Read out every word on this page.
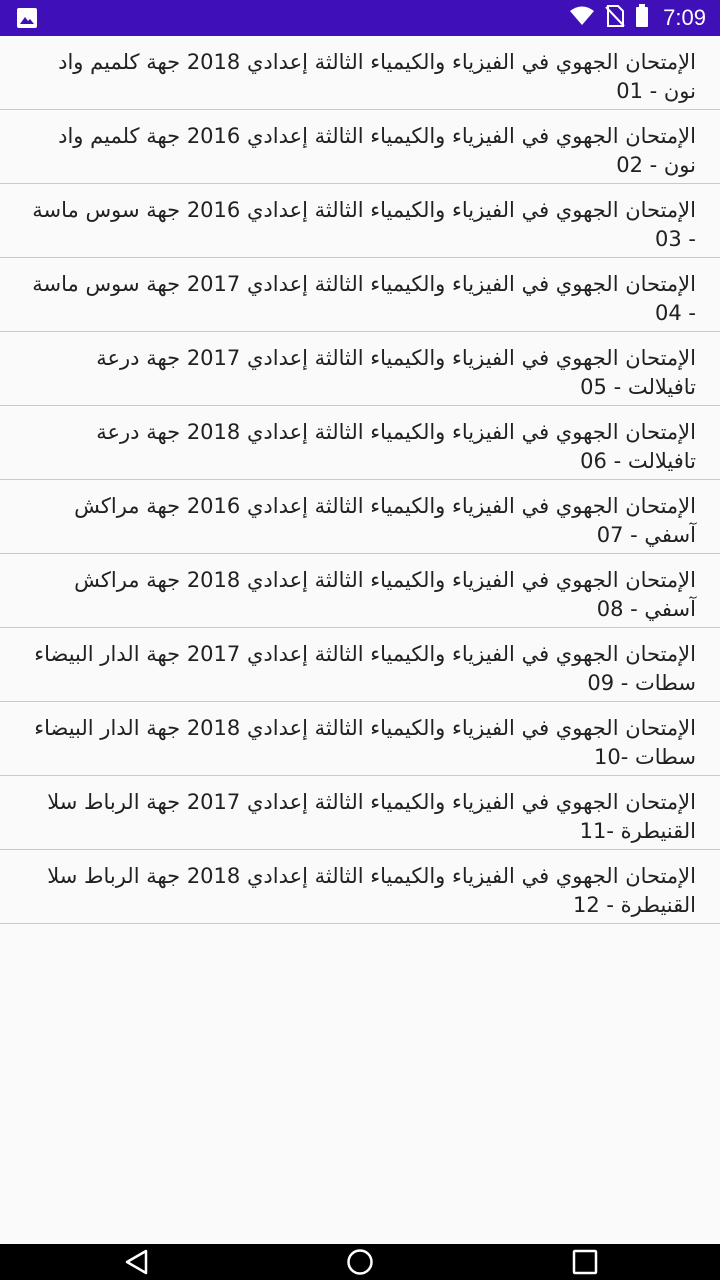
7:09
الإمتحان الجهوي في الفيزياء والكيمياء الثالثة إعدادي 2018 جهة كلميم واد نون - 01
الإمتحان الجهوي في الفيزياء والكيمياء الثالثة إعدادي 2016 جهة كلميم واد نون - 02
الإمتحان الجهوي في الفيزياء والكيمياء الثالثة إعدادي 2016 جهة سوس ماسة - 03
الإمتحان الجهوي في الفيزياء والكيمياء الثالثة إعدادي 2017 جهة سوس ماسة - 04
الإمتحان الجهوي في الفيزياء والكيمياء الثالثة إعدادي 2017 جهة درعة تافيلالت - 05
الإمتحان الجهوي في الفيزياء والكيمياء الثالثة إعدادي 2018 جهة درعة تافيلالت - 06
الإمتحان الجهوي في الفيزياء والكيمياء الثالثة إعدادي 2016 جهة مراكش آسفي - 07
الإمتحان الجهوي في الفيزياء والكيمياء الثالثة إعدادي 2018 جهة مراكش آسفي - 08
الإمتحان الجهوي في الفيزياء والكيمياء الثالثة إعدادي 2017 جهة الدار البيضاء سطات - 09
الإمتحان الجهوي في الفيزياء والكيمياء الثالثة إعدادي 2018 جهة الدار البيضاء سطات -10
الإمتحان الجهوي في الفيزياء والكيمياء الثالثة إعدادي 2017 جهة الرباط سلا القنيطرة -11
الإمتحان الجهوي في الفيزياء والكيمياء الثالثة إعدادي 2018 جهة الرباط سلا القنيطرة - 12
